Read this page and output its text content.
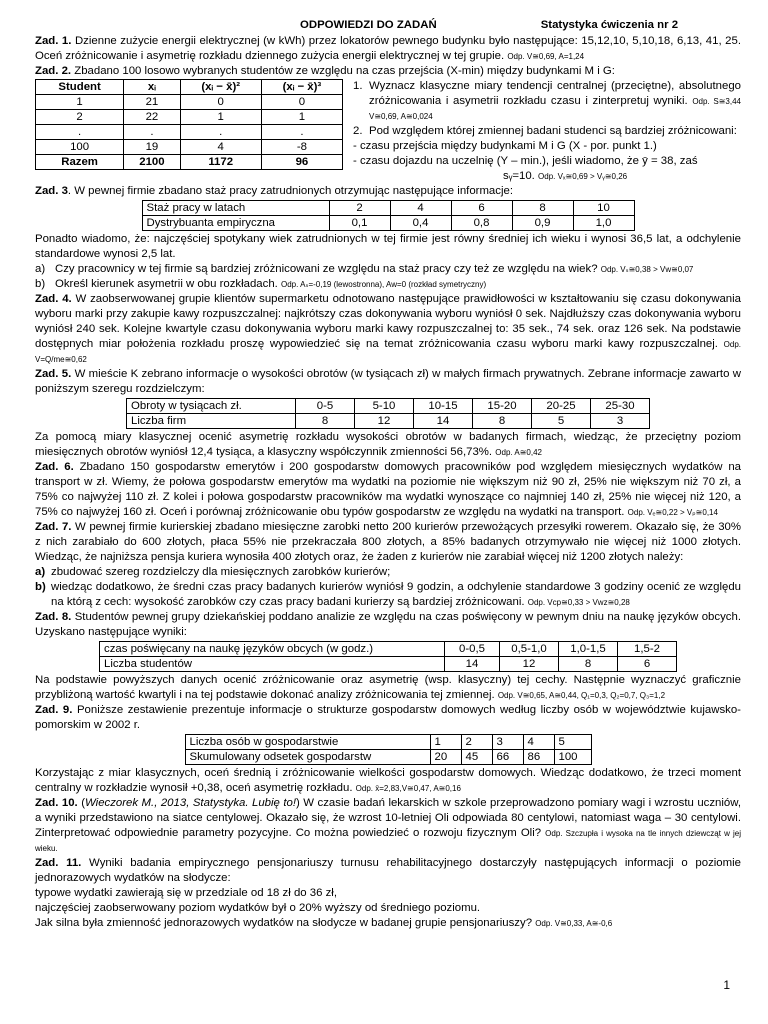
ODPOWIEDZI DO ZADAŃ	Statystyka ćwiczenia nr 2

Zad. 1. Dzienne zużycie energii elektrycznej (w kWh) przez lokatorów pewnego budynku było następujące: 15,12,10, 5,10,18, 6,13, 41, 25. Oceń zróżnicowanie i asymetrię rozkładu dziennego zużycia energii elektrycznej w tej grupie. Odp. V≅0,69, A=1,24

Zad. 2. Zbadano 100 losowo wybranych studentów ze względu na czas przejścia (X-min) między budynkami M i G:

Student	xᵢ	(xᵢ − x̄)²	(xᵢ − x̄)³
1	21	0	0
2	22	1	1
.	.	.	.
100	19	4	-8
Razem	2100	1172	96
1. Wyznacz klasyczne miary tendencji centralnej (przeciętne), absolutnego zróżnicowania i asymetrii rozkładu czasu i zinterpretuj wyniki. Odp. S≅3,44 V≅0,69, A≅0,024

2. Pod względem której zmiennej badani studenci są bardziej zróżnicowani:

- czasu przejścia między budynkami M i G (X - por. punkt 1.)

- czasu dojazdu na uczelnię (Y – min.), jeśli wiadomo, że ȳ = 38, zaś

sᵧ=10. Odp. Vₓ≅0,69 > Vᵧ≅0,26

Zad. 3. W pewnej firmie zbadano staż pracy zatrudnionych otrzymując następujące informacje:

Staż pracy w latach	2	4	6	8	10
Dystrybuanta empiryczna	0,1	0,4	0,8	0,9	1,0

Ponadto wiadomo, że: najczęściej spotykany wiek zatrudnionych w tej firmie jest równy średniej ich wieku i wynosi 36,5 lat, a odchylenie standardowe wynosi 2,5 lat.

a) Czy pracownicy w tej firmie są bardziej zróżnicowani ze względu na staż pracy czy też ze względu na wiek? Odp. Vₛ≅0,38 > Vw≅0,07

b) Określ kierunek asymetrii w obu rozkładach. Odp. Aₛ=-0,19 (lewostronna), Aw=0 (rozkład symetryczny)

Zad. 4. W zaobserwowanej grupie klientów supermarketu odnotowano następujące prawidłowości w kształtowaniu się czasu dokonywania wyboru marki przy zakupie kawy rozpuszczalnej: najkrótszy czas dokonywania wyboru wyniósł 0 sek. Najdłuższy czas dokonywania wyboru wyniósł 240 sek. Kolejne kwartyle czasu dokonywania wyboru marki kawy rozpuszczalnej to: 35 sek., 74 sek. oraz 126 sek. Na podstawie dostępnych miar położenia rozkładu proszę wypowiedzieć się na temat zróżnicowania czasu wyboru marki kawy rozpuszczalnej. Odp. V=Q/me≅0,62

Zad. 5. W mieście K zebrano informacje o wysokości obrotów (w tysiącach zł) w małych firmach prywatnych. Zebrane informacje zawarto w poniższym szeregu rozdzielczym:

Obroty w tysiącach zł.	0-5	5-10	10-15	15-20	20-25	25-30
Liczba firm	8	12	14	8	5	3

Za pomocą miary klasycznej ocenić asymetrię rozkładu wysokości obrotów w badanych firmach, wiedząc, że przeciętny poziom miesięcznych obrotów wyniósł 12,4 tysiąca, a klasyczny współczynnik zmienności 56,73%. Odp. A≅0,42

Zad. 6. Zbadano 150 gospodarstw emerytów i 200 gospodarstw domowych pracowników pod względem miesięcznych wydatków na transport w zł. Wiemy, że połowa gospodarstw emerytów ma wydatki na poziomie nie większym niż 90 zł, 25% nie większym niż 70 zł, a 75% co najwyżej 110 zł. Z kolei i połowa gospodarstw pracowników ma wydatki wynoszące co najmniej 140 zł, 25% nie więcej niż 120, a 75% co najwyżej 160 zł. Oceń i porównaj zróżnicowanie obu typów gospodarstw ze względu na wydatki na transport. Odp. Vₑ≅0,22 > Vₚ≅0,14

Zad. 7. W pewnej firmie kurierskiej zbadano miesięczne zarobki netto 200 kurierów przewożących przesyłki rowerem. Okazało się, że 30% z nich zarabiało do 600 złotych, płaca 55% nie przekraczała 800 złotych, a 85% badanych otrzymywało nie więcej niż 1000 złotych. Wiedząc, że najniższa pensja kuriera wynosiła 400 złotych oraz, że żaden z kurierów nie zarabiał więcej niż 1200 złotych należy:

a) zbudować szereg rozdzielczy dla miesięcznych zarobków kurierów;

b) wiedząc dodatkowo, że średni czas pracy badanych kurierów wyniósł 9 godzin, a odchylenie standardowe 3 godziny ocenić ze względu na którą z cech: wysokość zarobków czy czas pracy badani kurierzy są bardziej zróżnicowani. Odp. Vcp≅0,33 > Vwz≅0,28

Zad. 8. Studentów pewnej grupy dziekańskiej poddano analizie ze względu na czas poświęcony w pewnym dniu na naukę języków obcych. Uzyskano następujące wyniki:

czas poświęcany na naukę języków obcych (w godz.)	0-0,5	0,5-1,0	1,0-1,5	1,5-2
Liczba studentów	14	12	8	6

Na podstawie powyższych danych ocenić zróżnicowanie oraz asymetrię (wsp. klasyczny) tej cechy. Następnie wyznaczyć graficznie przybliżoną wartość kwartyli i na tej podstawie dokonać analizy zróżnicowania tej zmiennej. Odp. V≅0,65, A≅0,44, Q₁=0,3, Q₂=0,7, Q₃=1,2

Zad. 9. Poniższe zestawienie prezentuje informacje o strukturze gospodarstw domowych według liczby osób w województwie kujawsko-pomorskim w 2002 r.

Liczba osób w gospodarstwie	1	2	3	4	5
Skumulowany odsetek gospodarstw	20	45	66	86	100

Korzystając z miar klasycznych, oceń średnią i zróżnicowanie wielkości gospodarstw domowych. Wiedząc dodatkowo, że trzeci moment centralny w rozkładzie wynosił +0,38, oceń asymetrię rozkładu. Odp. x̄=2,83,V≅0,47, A≅0,16

Zad. 10. (Wieczorek M., 2013, Statystyka. Lubię to!) W czasie badań lekarskich w szkole przeprowadzono pomiary wagi i wzrostu uczniów, a wyniki przedstawiono na siatce centylowej. Okazało się, że wzrost 10-letniej Oli odpowiada 80 centylowi, natomiast waga – 30 centylowi. Zinterpretować odpowiednie parametry pozycyjne. Co można powiedzieć o rozwoju fizycznym Oli? Odp. Szczupła i wysoka na tle innych dziewcząt w jej wieku.

Zad. 11. Wyniki badania empirycznego pensjonariuszy turnusu rehabilitacyjnego dostarczyły następujących informacji o poziomie jednorazowych wydatków na słodycze:

typowe wydatki zawierają się w przedziale od 18 zł do 36 zł,

najczęściej zaobserwowany poziom wydatków był o 20% wyższy od średniego poziomu.

Jak silna była zmienność jednorazowych wydatków na słodycze w badanej grupie pensjonariuszy? Odp. V≅0,33, A≅-0,6

1
